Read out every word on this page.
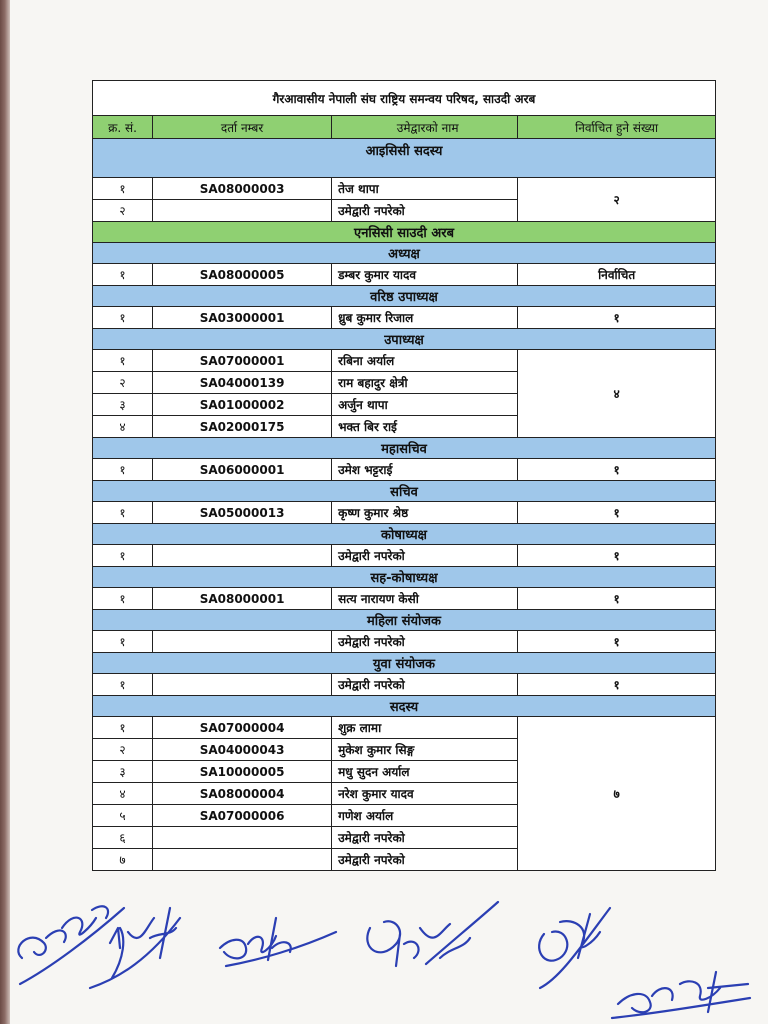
गैरआवासीय नेपाली संघ राष्ट्रिय समन्वय परिषद, साउदी अरब			
क्र. सं.	दर्ता नम्बर	उमेद्वारको नाम	निर्वाचित हुने संख्या
आइसिसी सदस्य			
१	SA08000003	तेज थापा	२
२		उमेद्वारी नपरेको	
एनसिसी साउदी अरब			
अध्यक्ष			
१	SA08000005	डम्बर कुमार यादव	निर्वाचित
वरिष्ठ उपाध्यक्ष			
१	SA03000001	ध्रुब कुमार रिजाल	१
उपाध्यक्ष			
१	SA07000001	रबिना अर्याल	४
२	SA04000139	राम बहादुर क्षेत्री	
३	SA01000002	अर्जुन थापा	
४	SA02000175	भक्त बिर राई	
महासचिव			
१	SA06000001	उमेश भट्टराई	१
सचिव			
१	SA05000013	कृष्ण कुमार श्रेष्ठ	१
कोषाध्यक्ष			
१		उमेद्वारी नपरेको	१
सह-कोषाध्यक्ष			
१	SA08000001	सत्य नारायण केसी	१
महिला संयोजक			
१		उमेद्वारी नपरेको	१
युवा संयोजक			
१		उमेद्वारी नपरेको	१
सदस्य			
१	SA07000004	शुक्र लामा	७
२	SA04000043	मुकेश कुमार सिङ्ग	
३	SA10000005	मधु सुदन अर्याल	
४	SA08000004	नरेश कुमार यादव	
५	SA07000006	गणेश अर्याल	
६		उमेद्वारी नपरेको	
७		उमेद्वारी नपरेको	
